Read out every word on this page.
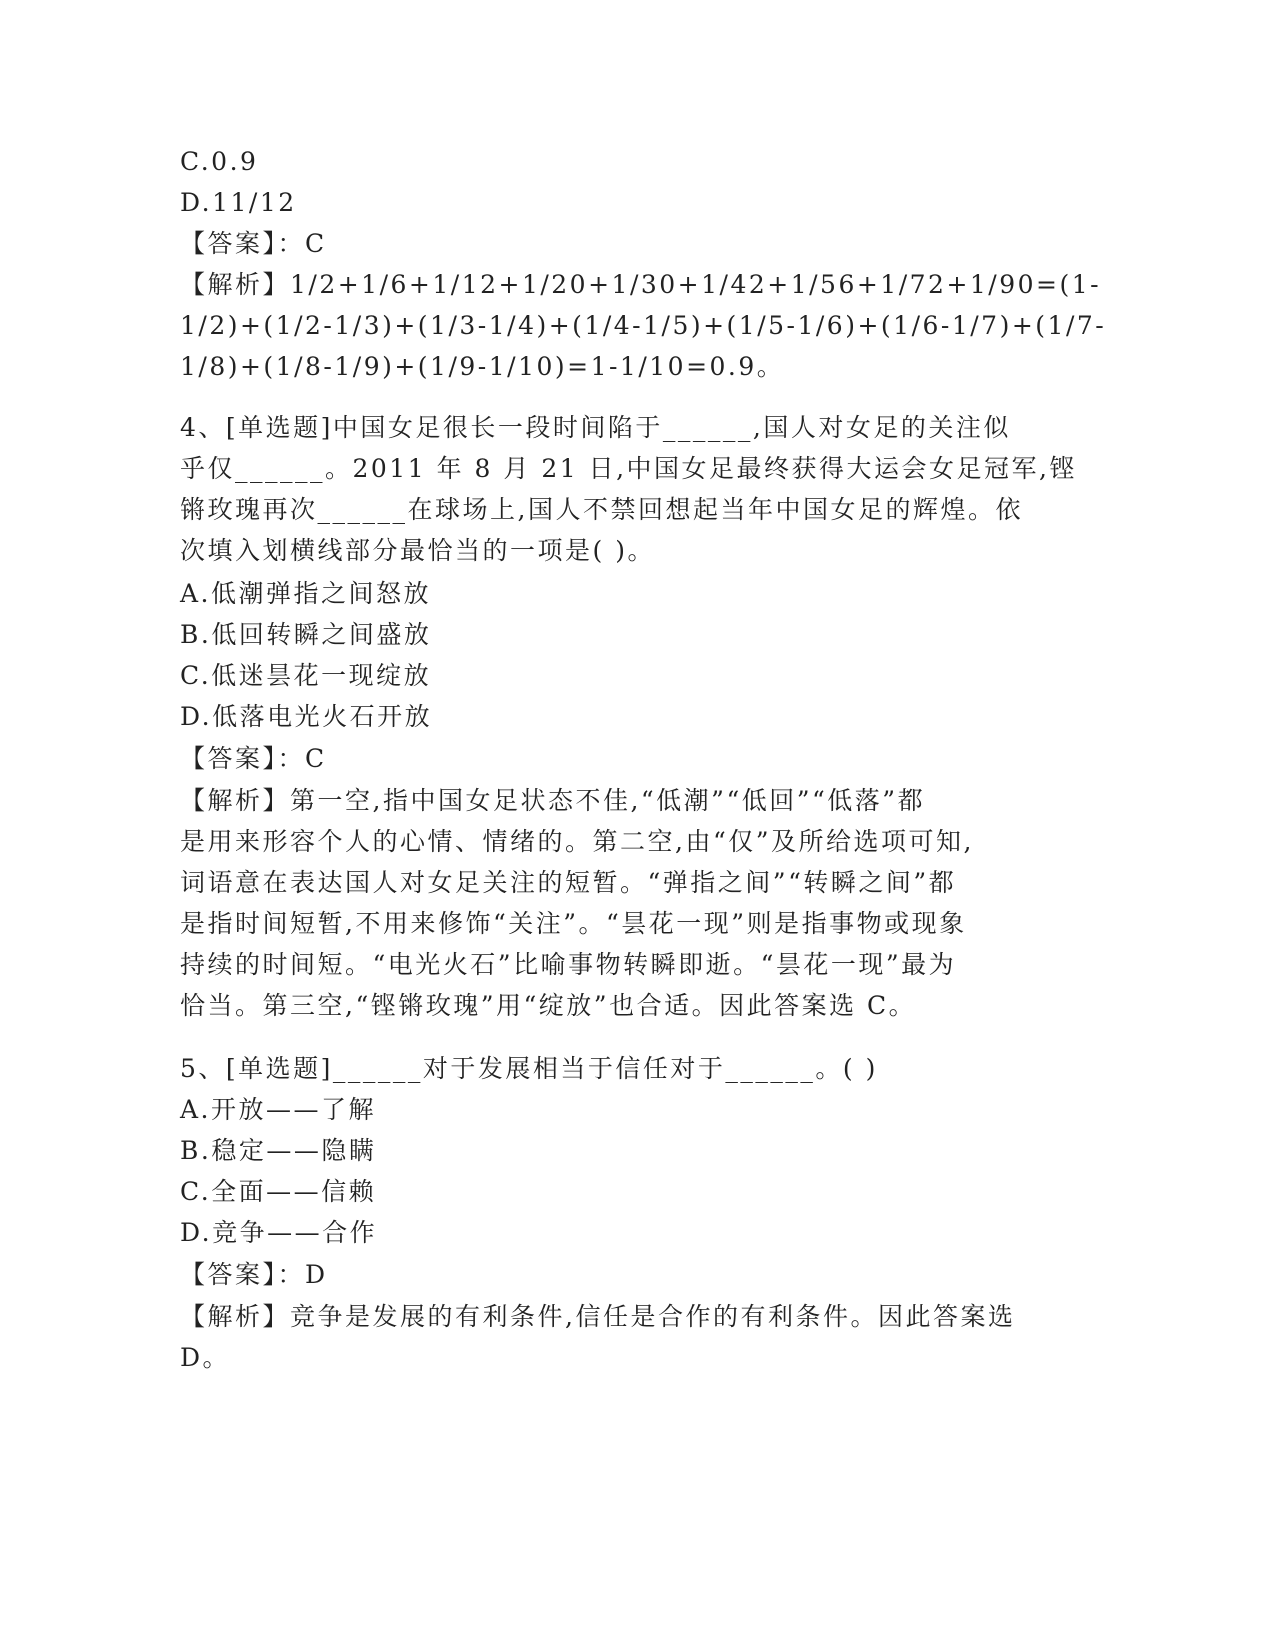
C.0.9
D.11/12
【答案】：C
【解析】1/2+1/6+1/12+1/20+1/30+1/42+1/56+1/72+1/90=(1-
1/2)+(1/2-1/3)+(1/3-1/4)+(1/4-1/5)+(1/5-1/6)+(1/6-1/7)+(1/7-
1/8)+(1/8-1/9)+(1/9-1/10)=1-1/10=0.9。
4、[单选题]中国女足很长一段时间陷于______,国人对女足的关注似
乎仅______。2011 年 8 月 21 日,中国女足最终获得大运会女足冠军,铿
锵玫瑰再次______在球场上,国人不禁回想起当年中国女足的辉煌。依
次填入划横线部分最恰当的一项是( )。
A.低潮弹指之间怒放
B.低回转瞬之间盛放
C.低迷昙花一现绽放
D.低落电光火石开放
【答案】：C
【解析】第一空,指中国女足状态不佳,“低潮”“低回”“低落”都
是用来形容个人的心情、情绪的。第二空,由“仅”及所给选项可知,
词语意在表达国人对女足关注的短暂。“弹指之间”“转瞬之间”都
是指时间短暂,不用来修饰“关注”。“昙花一现”则是指事物或现象
持续的时间短。“电光火石”比喻事物转瞬即逝。“昙花一现”最为
恰当。第三空,“铿锵玫瑰”用“绽放”也合适。因此答案选 C。
5、[单选题]______对于发展相当于信任对于______。( )
A.开放——了解
B.稳定——隐瞒
C.全面——信赖
D.竞争——合作
【答案】：D
【解析】竞争是发展的有利条件,信任是合作的有利条件。因此答案选
D。
